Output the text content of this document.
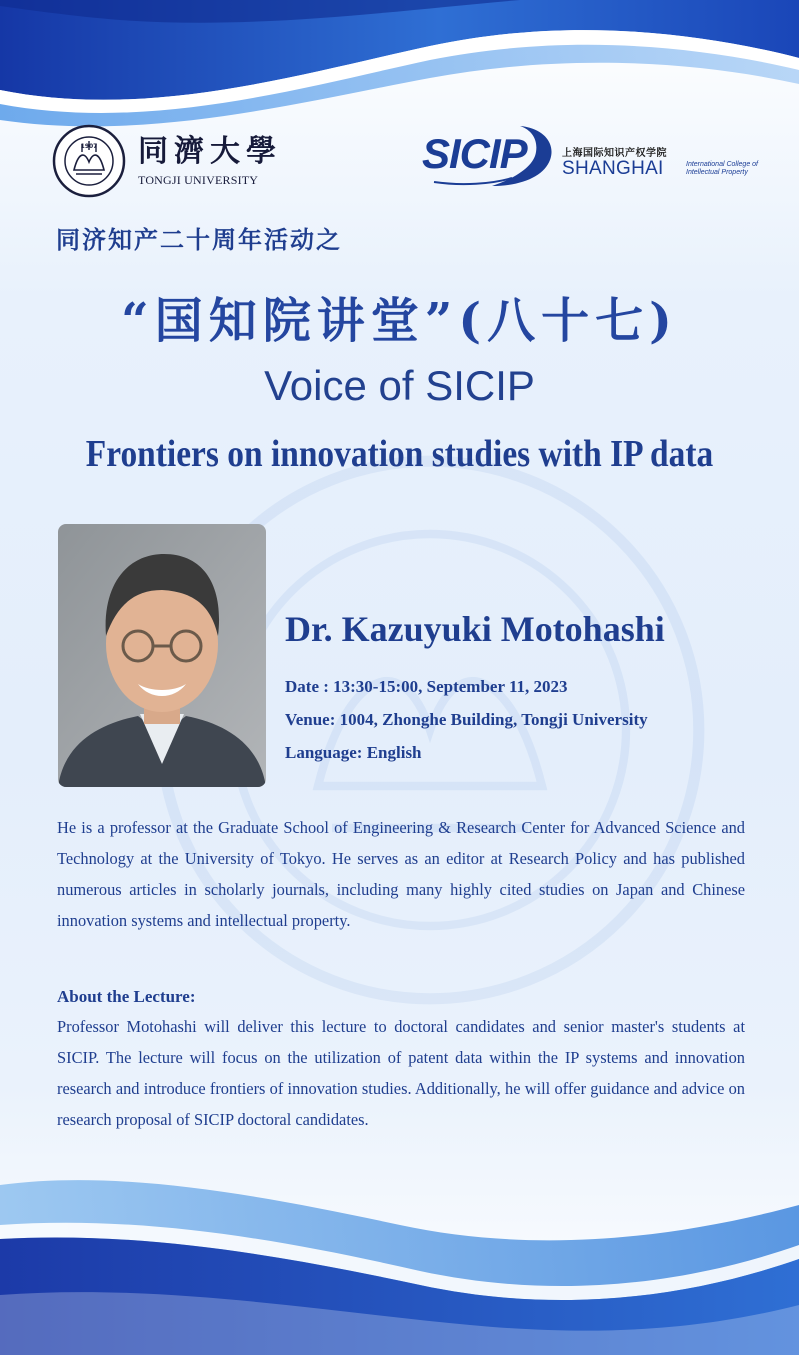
1907 同濟大學
TONGJI UNIVERSITY
SICIP	上海国际知识产权学院
SHANGHAI	International College of Intellectual Property
同济知产二十周年活动之
“国知院讲堂”(八十七)
Voice of SICIP
Frontiers on innovation studies with IP data
Dr. Kazuyuki Motohashi
Date : 13:30-15:00, September 11, 2023
Venue: 1004, Zhonghe Building, Tongji University
Language: English
He is a professor at the Graduate School of Engineering & Research Center for Advanced Science and Technology at the University of Tokyo. He serves as an editor at Research Policy and has published numerous articles in scholarly journals, including many highly cited studies on Japan and Chinese innovation systems and intellectual property.
About the Lecture:
Professor Motohashi will deliver this lecture to doctoral candidates and senior master's students at SICIP. The lecture will focus on the utilization of patent data within the IP systems and innovation research and introduce frontiers of innovation studies. Additionally, he will offer guidance and advice on research proposal of SICIP doctoral candidates.
